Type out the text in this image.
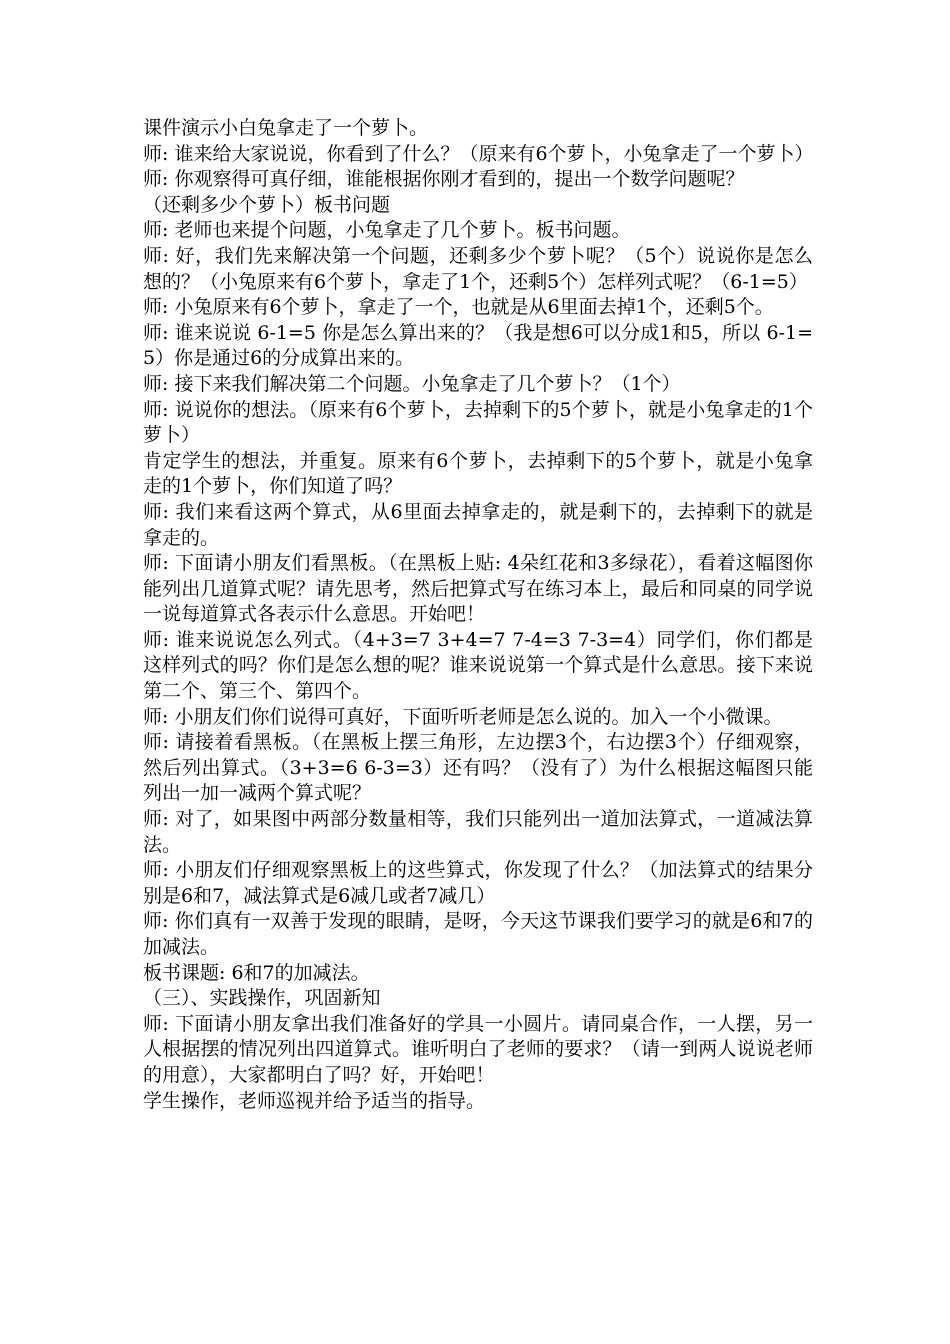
课件演示小白兔拿走了一个萝卜。

师: 谁来给大家说说，你看到了什么？（原来有6个萝卜，小兔拿走了一个萝卜）

师: 你观察得可真仔细，谁能根据你刚才看到的，提出一个数学问题呢？

（还剩多少个萝卜）板书问题

师: 老师也来提个问题，小兔拿走了几个萝卜。板书问题。

师: 好，我们先来解决第一个问题，还剩多少个萝卜呢？（5个）说说你是怎么想的？（小兔原来有6个萝卜，拿走了1个，还剩5个）怎样列式呢？（6-1=5）

师: 小兔原来有6个萝卜，拿走了一个，也就是从6里面去掉1个，还剩5个。

师: 谁来说说 6-1=5 你是怎么算出来的？（我是想6可以分成1和5，所以 6-1=5）你是通过6的分成算出来的。

师: 接下来我们解决第二个问题。小兔拿走了几个萝卜？（1个）

师: 说说你的想法。（原来有6个萝卜，去掉剩下的5个萝卜，就是小兔拿走的1个萝卜）

肯定学生的想法，并重复。原来有6个萝卜，去掉剩下的5个萝卜，就是小兔拿走的1个萝卜，你们知道了吗？

师: 我们来看这两个算式，从6里面去掉拿走的，就是剩下的，去掉剩下的就是拿走的。

师: 下面请小朋友们看黑板。（在黑板上贴: 4朵红花和3多绿花），看着这幅图你能列出几道算式呢？请先思考，然后把算式写在练习本上，最后和同桌的同学说一说每道算式各表示什么意思。开始吧！

师: 谁来说说怎么列式。（4+3=7 3+4=7 7-4=3 7-3=4）同学们，你们都是这样列式的吗？你们是怎么想的呢？谁来说说第一个算式是什么意思。接下来说第二个、第三个、第四个。

师: 小朋友们你们说得可真好，下面听听老师是怎么说的。加入一个小微课。

师: 请接着看黑板。（在黑板上摆三角形，左边摆3个，右边摆3个）仔细观察，然后列出算式。（3+3=6 6-3=3）还有吗？（没有了）为什么根据这幅图只能列出一加一减两个算式呢？

师: 对了，如果图中两部分数量相等，我们只能列出一道加法算式，一道减法算法。

师: 小朋友们仔细观察黑板上的这些算式，你发现了什么？（加法算式的结果分别是6和7，减法算式是6减几或者7减几）

师: 你们真有一双善于发现的眼睛，是呀，今天这节课我们要学习的就是6和7的加减法。

板书课题: 6和7的加减法。

（三）、实践操作，巩固新知

师: 下面请小朋友拿出我们准备好的学具一小圆片。请同桌合作，一人摆，另一人根据摆的情况列出四道算式。谁听明白了老师的要求？（请一到两人说说老师的用意），大家都明白了吗？好，开始吧！

学生操作，老师巡视并给予适当的指导。
